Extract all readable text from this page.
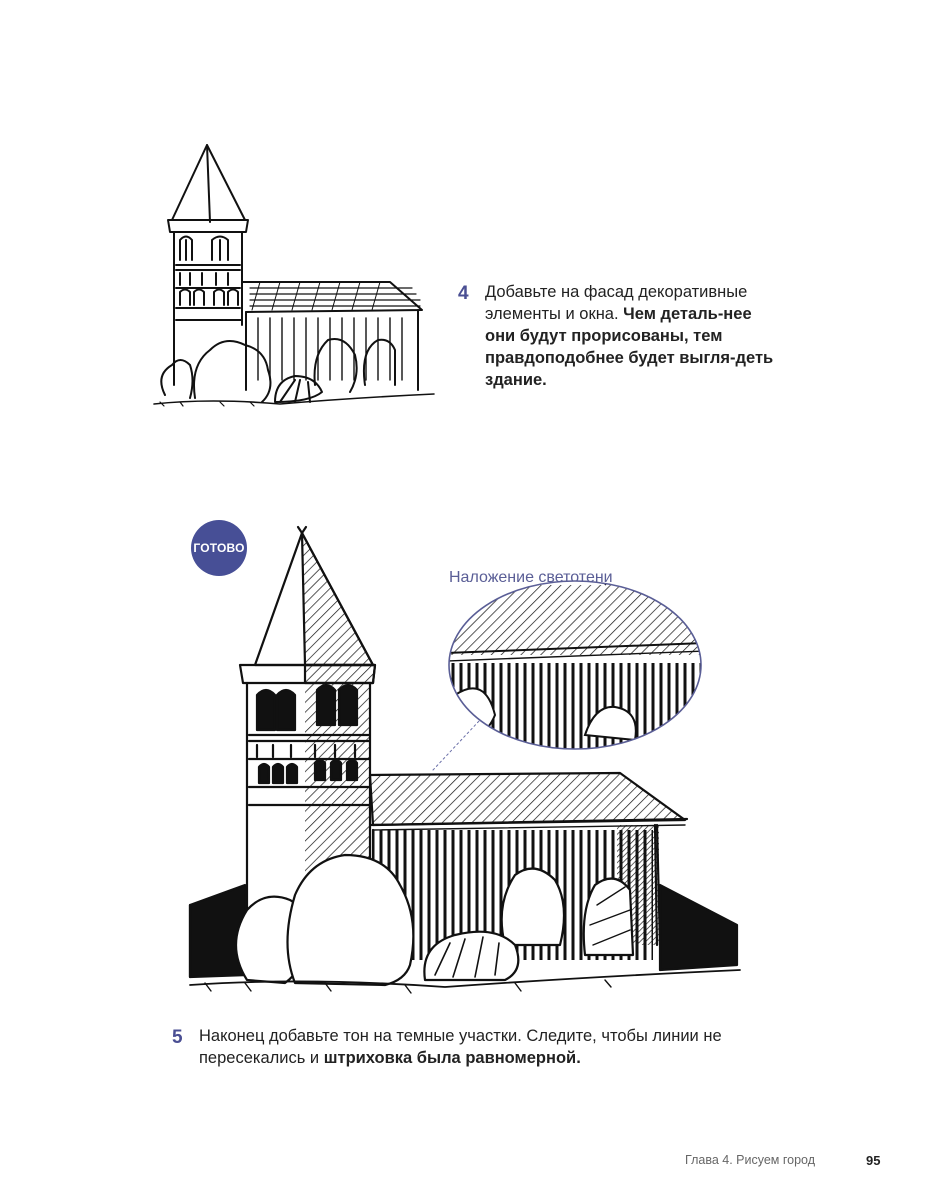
4 Добавьте на фасад декоративные элементы и окна. Чем деталь-нее они будут прорисованы, тем правдоподобнее будет выгля-деть здание.
ГОТОВО
Наложение светотени
5 Наконец добавьте тон на темные участки. Следите, чтобы линии не пересекались и штриховка была равномерной.
Глава 4. Рисуем город	95
